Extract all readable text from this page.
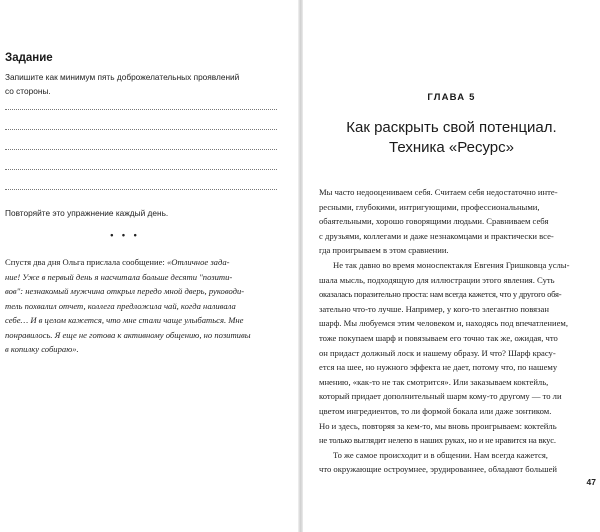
Задание
Запишите как минимум пять доброжелательных проявлений
со стороны.
Повторяйте это упражнение каждый день.
• • •
Спустя два дня Ольга прислала сообщение: «Отличное зада-
ние! Уже в первый день я насчитала больше десяти "позити-
вов": незнакомый мужчина открыл передо мной дверь, руководи-
тель похвалил отчет, коллега предложила чай, когда наливала
себе… И в целом кажется, что мне стали чаще улыбаться. Мне
понравилось. Я еще не готова к активному общению, но позитивы
в копилку собираю».
ГЛАВА 5
Как раскрыть свой потенциал.
Техника «Ресурс»

Мы часто недооцениваем себя. Считаем себя недостаточно инте-
ресными, глубокими, интригующими, профессиональными,
обаятельными, хорошо говорящими людьми. Сравниваем себя
с друзьями, коллегами и даже незнакомцами и практически все-
гда проигрываем в этом сравнении.

Не так давно во время моноспектакля Евгения Гришковца услы-
шала мысль, подходящую для иллюстрации этого явления. Суть
оказалась поразительно проста: нам всегда кажется, что у другого обя-
зательно что-то лучше. Например, у кого-то элегантно повязан
шарф. Мы любуемся этим человеком и, находясь под впечатлением,
тоже покупаем шарф и повязываем его точно так же, ожидая, что
он придаст должный лоск и нашему образу. И что? Шарф красу-
ется на шее, но нужного эффекта не дает, потому что, по нашему
мнению, «как-то не так смотрится». Или заказываем коктейль,
который придает дополнительный шарм кому-то другому — то ли
цветом ингредиентов, то ли формой бокала или даже зонтиком.
Но и здесь, повторяя за кем-то, мы вновь проигрываем: коктейль
не только выглядит нелепо в наших руках, но и не нравится на вкус.

То же самое происходит и в общении. Нам всегда кажется,
что окружающие остроумнее, эрудированнее, обладают большей

47
